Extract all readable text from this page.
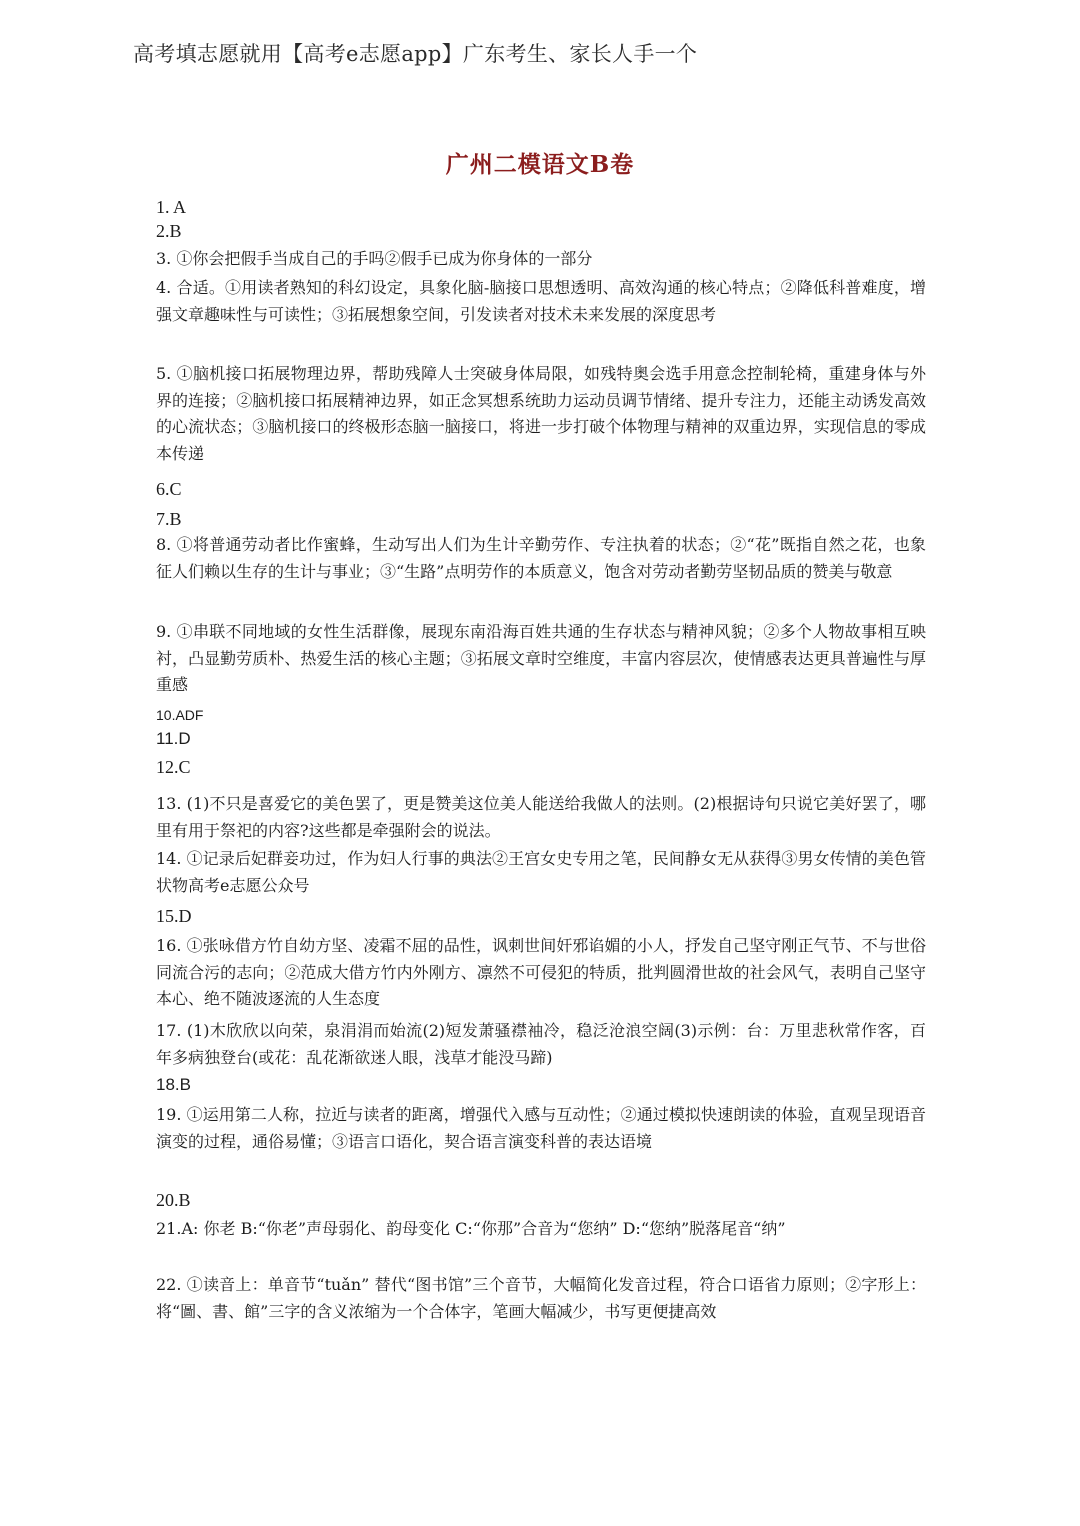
高考填志愿就用【高考e志愿app】广东考生、家长人手一个
广州二模语文B卷
1. A
2.B
3. ①你会把假手当成自己的手吗②假手已成为你身体的一部分
4. 合适。①用读者熟知的科幻设定，具象化脑-脑接口思想透明、高效沟通的核心特点；②降低科普难度，增强文章趣味性与可读性；③拓展想象空间，引发读者对技术未来发展的深度思考
5. ①脑机接口拓展物理边界，帮助残障人士突破身体局限，如残特奥会选手用意念控制轮椅，重建身体与外界的连接；②脑机接口拓展精神边界，如正念冥想系统助力运动员调节情绪、提升专注力，还能主动诱发高效的心流状态；③脑机接口的终极形态脑一脑接口，将进一步打破个体物理与精神的双重边界，实现信息的零成本传递
6.C
7.B
8. ①将普通劳动者比作蜜蜂，生动写出人们为生计辛勤劳作、专注执着的状态；②“花”既指自然之花，也象征人们赖以生存的生计与事业；③“生路”点明劳作的本质意义，饱含对劳动者勤劳坚韧品质的赞美与敬意
9. ①串联不同地域的女性生活群像，展现东南沿海百姓共通的生存状态与精神风貌；②多个人物故事相互映衬，凸显勤劳质朴、热爱生活的核心主题；③拓展文章时空维度，丰富内容层次，使情感表达更具普遍性与厚重感
10.ADF
11.D
12.C
13. (1)不只是喜爱它的美色罢了，更是赞美这位美人能送给我做人的法则。(2)根据诗句只说它美好罢了，哪里有用于祭祀的内容?这些都是牵强附会的说法。
14. ①记录后妃群妾功过，作为妇人行事的典法②王宫女史专用之笔，民间静女无从获得③男女传情的美色管状物高考e志愿公众号
15.D
16. ①张咏借方竹自幼方坚、凌霜不屈的品性，讽刺世间奸邪谄媚的小人，抒发自己坚守刚正气节、不与世俗同流合污的志向；②范成大借方竹内外刚方、凛然不可侵犯的特质，批判圆滑世故的社会风气，表明自己坚守本心、绝不随波逐流的人生态度
17. (1)木欣欣以向荣，泉涓涓而始流(2)短发萧骚襟袖冷，稳泛沧浪空阔(3)示例：台：万里悲秋常作客，百年多病独登台(或花：乱花渐欲迷人眼，浅草才能没马蹄)
18.B
19. ①运用第二人称，拉近与读者的距离，增强代入感与互动性；②通过模拟快速朗读的体验，直观呈现语音演变的过程，通俗易懂；③语言口语化，契合语言演变科普的表达语境
20.B
21.A: 你老 B:“你老”声母弱化、韵母变化 C:“你那”合音为“您纳” D:“您纳”脱落尾音“纳”
22. ①读音上：单音节“tuǎn” 替代“图书馆”三个音节，大幅简化发音过程，符合口语省力原则；②字形上：将“圖、書、館”三字的含义浓缩为一个合体字，笔画大幅减少，书写更便捷高效
